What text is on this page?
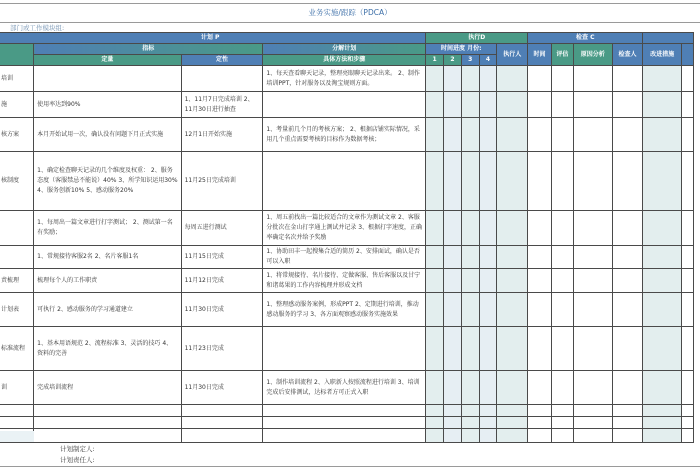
业务实施/跟踪（PDCA）
部门或工作模块组:
计划 P				执行D					检查 C					
	指标		分解计划	时间进度 月份:				执行人	时间	评估	原因分析	检查人	改进措施	
	定量	定性	具体方法和步骤	1	2	3	4							
培训			1、每天查看聊天记录，整理亮眼聊天记录出来。 2、制作培训PPT，针对服务以及淘宝规则方面。											
施	使用率达到90%	1、11月7日完成培训 2、11月30日进行抽查												
核方案	本月开始试用一次，确认没有问题下月正式实施	12月1日开始实施	1、考量前几个月的考核方案； 2、根据店铺实际情况，采用几个重点需要考核的目标作为数据考核；											
核制度	1、确定检查聊天记录的几个维度及权重： 2、服务态度（客服禁忌不能说）40% 3、所学知识运用30% 4、服务创新10% 5、感动服务20%	11月25日完成培训												
	1、每周出一篇文章进行打字测试； 2、测试第一名有奖励；	每周五进行测试	1、周五前找出一篇比较适合的文章作为测试文章 2、客服分批次在金山打字通上测试并记录 3、根据打字速度，正确率确定名次并给予奖励											
	1、常规接待客服2名 2、名片客服1名	11月15日完成	1、协助田丰一起搜集合适的简历 2、安排面试，确认是否可以入职											
责梳理	梳理每个人的工作职责	11月12日完成	1、将常规接待、名片接待、定做客服、售后客服以及甘宁和诸葛果的工作内容梳理并形成文档											
计划表	可执行 2、感动服务的学习通道建立	11月30日完成	1、整理感动服务案例，形成PPT 2、定期进行培训，推动感动服务的学习 3、各方面观察感动服务实施效果											
标准流程	1、基本用语规范 2、流程标准 3、灵活的技巧 4、资料的完善	11月23日完成												
训	完成培训流程	11月30日完成	1、制作培训流程 2、入职新人按照流程进行培训 3、培训完成后安排测试，达标者方可正式入职											

计划制定人:
计划责任人:
